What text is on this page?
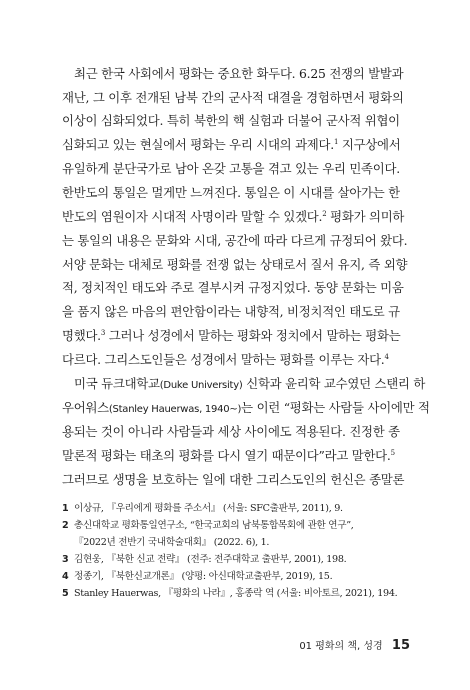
최근 한국 사회에서 평화는 중요한 화두다. 6.25 전쟁의 발발과
재난, 그 이후 전개된 남북 간의 군사적 대결을 경험하면서 평화의
이상이 심화되었다. 특히 북한의 핵 실험과 더불어 군사적 위협이
심화되고 있는 현실에서 평화는 우리 시대의 과제다.$^1$ 지구상에서
유일하게 분단국가로 남아 온갖 고통을 겪고 있는 우리 민족이다.
한반도의 통일은 멀게만 느껴진다. 통일은 이 시대를 살아가는 한
반도의 염원이자 시대적 사명이라 말할 수 있겠다.$^2$ 평화가 의미하
는 통일의 내용은 문화와 시대, 공간에 따라 다르게 규정되어 왔다.
서양 문화는 대체로 평화를 전쟁 없는 상태로서 질서 유지, 즉 외향
적, 정치적인 태도와 주로 결부시켜 규정지었다. 동양 문화는 미움
을 품지 않은 마음의 편안함이라는 내향적, 비정치적인 태도로 규
명했다.$^3$ 그러나 성경에서 말하는 평화와 정치에서 말하는 평화는
다르다. 그리스도인들은 성경에서 말하는 평화를 이루는 자다.$^4$
미국 듀크대학교(Duke University) 신학과 윤리학 교수였던 스탠리 하
우어워스(Stanley Hauerwas, 1940~)는 이런 “평화는 사람들 사이에만 적
용되는 것이 아니라 사람들과 세상 사이에도 적용된다. 진정한 종
말론적 평화는 태초의 평화를 다시 열기 때문이다”라고 말한다.$^5$
그러므로 생명을 보호하는 일에 대한 그리스도인의 헌신은 종말론
1 이상규, 『우리에게 평화를 주소서』 (서울: SFC출판부, 2011), 9.
2 총신대학교 평화통일연구소, “한국교회의 남북통합목회에 관한 연구”,
『2022년 전반기 국내학술대회』 (2022. 6), 1.
3 김현웅, 『북한 신교 전략』 (전주: 전주대학교 출판부, 2001), 198.
4 정종기, 『북한신교개론』 (양평: 아신대학교출판부, 2019), 15.
5 Stanley Hauerwas, 『평화의 나라』, 홍종락 역 (서울: 비아토르, 2021), 194.
01 평화의 책, 성경 15
